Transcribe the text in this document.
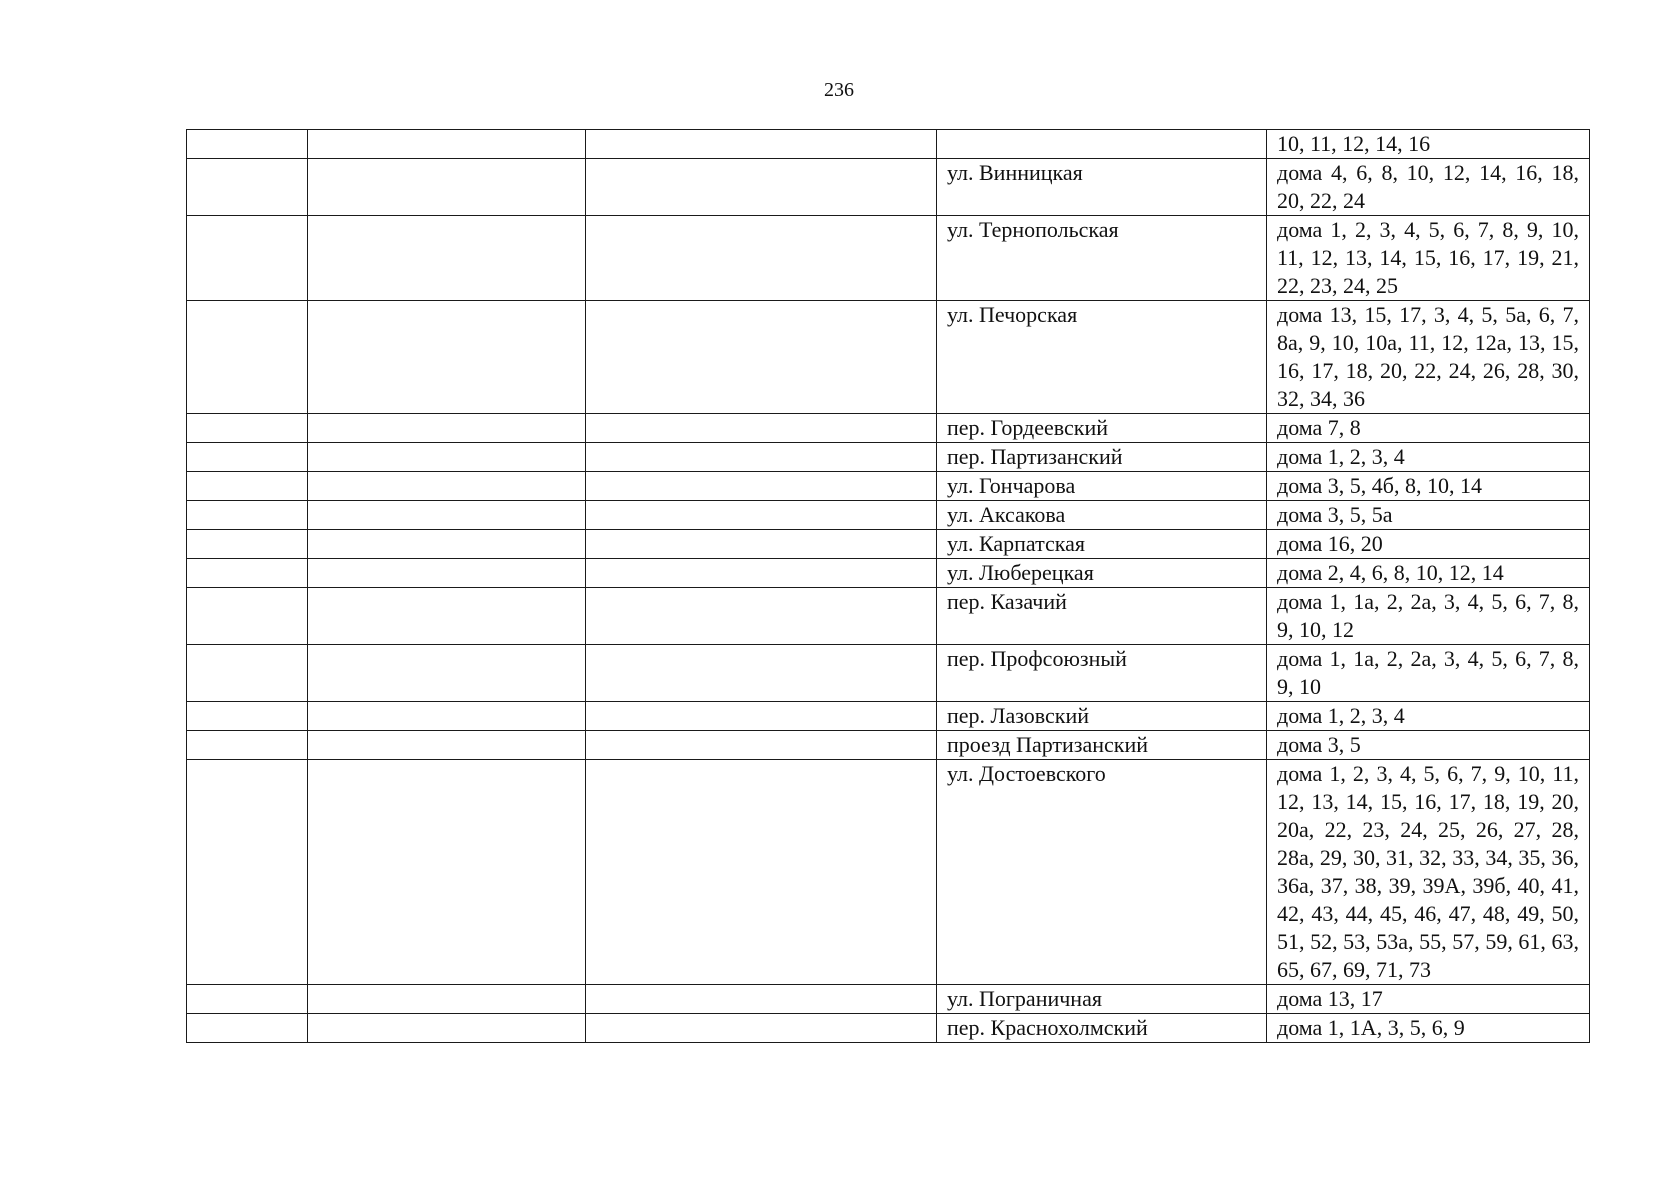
236
				10, 11, 12, 14, 16
			ул. Винницкая	дома 4, 6, 8, 10, 12, 14, 16, 18, 20, 22, 24
			ул. Тернопольская	дома 1, 2, 3, 4, 5, 6, 7, 8, 9, 10, 11, 12, 13, 14, 15, 16, 17, 19, 21, 22, 23, 24, 25
			ул. Печорская	дома 13, 15, 17, 3, 4, 5, 5а, 6, 7, 8а, 9, 10, 10а, 11, 12, 12а, 13, 15, 16, 17, 18, 20, 22, 24, 26, 28, 30, 32, 34, 36
			пер. Гордеевский	дома 7, 8
			пер. Партизанский	дома 1, 2, 3, 4
			ул. Гончарова	дома 3, 5, 4б, 8, 10, 14
			ул. Аксакова	дома 3, 5, 5а
			ул. Карпатская	дома 16, 20
			ул. Люберецкая	дома 2, 4, 6, 8, 10, 12, 14
			пер. Казачий	дома 1, 1а, 2, 2а, 3, 4, 5, 6, 7, 8, 9, 10, 12
			пер. Профсоюзный	дома 1, 1а, 2, 2а, 3, 4, 5, 6, 7, 8, 9, 10
			пер. Лазовский	дома 1, 2, 3, 4
			проезд Партизанский	дома 3, 5
			ул. Достоевского	дома 1, 2, 3, 4, 5, 6, 7, 9, 10, 11, 12, 13, 14, 15, 16, 17, 18, 19, 20, 20а, 22, 23, 24, 25, 26, 27, 28, 28а, 29, 30, 31, 32, 33, 34, 35, 36, 36а, 37, 38, 39, 39А, 39б, 40, 41, 42, 43, 44, 45, 46, 47, 48, 49, 50, 51, 52, 53, 53а, 55, 57, 59, 61, 63, 65, 67, 69, 71, 73
			ул. Пограничная	дома 13, 17
			пер. Краснохолмский	дома 1, 1А, 3, 5, 6, 9
